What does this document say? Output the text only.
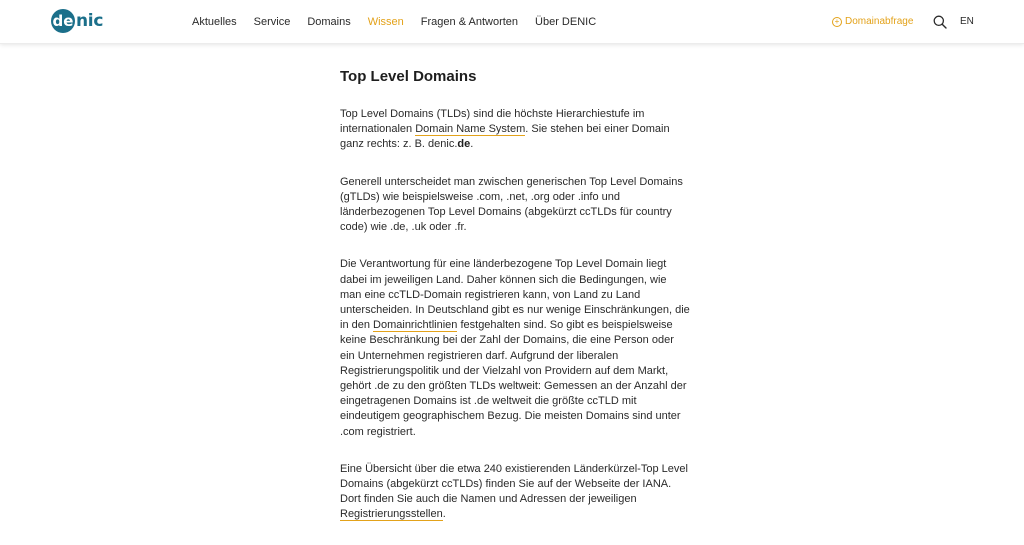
de nic	Aktuelles Service Domains Wissen Fragen & Antworten Über DENIC	+ Domainabfrage	EN
Top Level Domains

Top Level Domains (TLDs) sind die höchste Hierarchiestufe im internationalen Domain Name System. Sie stehen bei einer Domain ganz rechts: z. B. denic.de.

Generell unterscheidet man zwischen generischen Top Level Domains (gTLDs) wie beispielsweise .com, .net, .org oder .info und länderbezogenen Top Level Domains (abgekürzt ccTLDs für country code) wie .de, .uk oder .fr.

Die Verantwortung für eine länderbezogene Top Level Domain liegt dabei im jeweiligen Land. Daher können sich die Bedingungen, wie man eine ccTLD-Domain registrieren kann, von Land zu Land unterscheiden. In Deutschland gibt es nur wenige Einschränkungen, die in den Domainrichtlinien festgehalten sind. So gibt es beispielsweise keine Beschränkung bei der Zahl der Domains, die eine Person oder ein Unternehmen registrieren darf. Aufgrund der liberalen Registrierungspolitik und der Vielzahl von Providern auf dem Markt, gehört .de zu den größten TLDs weltweit: Gemessen an der Anzahl der eingetragenen Domains ist .de weltweit die größte ccTLD mit eindeutigem geographischem Bezug. Die meisten Domains sind unter .com registriert.

Eine Übersicht über die etwa 240 existierenden Länderkürzel-Top Level Domains (abgekürzt ccTLDs) finden Sie auf der Webseite der IANA. Dort finden Sie auch die Namen und Adressen der jeweiligen Registrierungsstellen.
